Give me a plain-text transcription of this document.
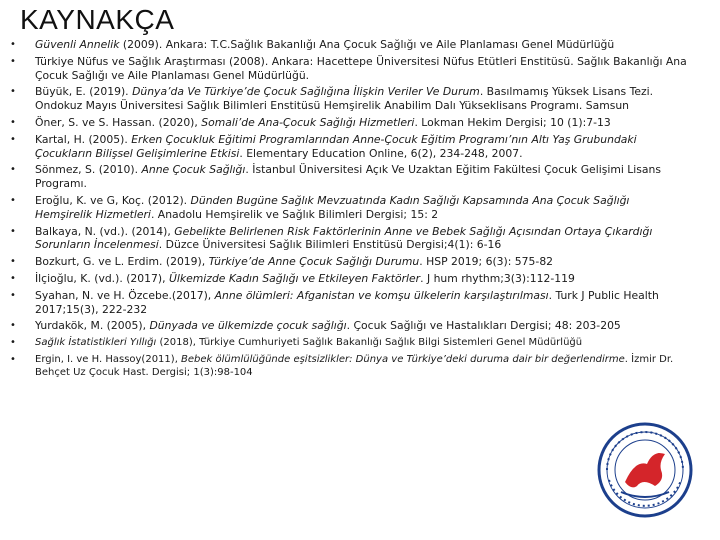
KAYNAKÇA
• Güvenli Annelik (2009). Ankara: T.C.Sağlık Bakanlığı Ana Çocuk Sağlığı ve Aile Planlaması Genel Müdürlüğü
• Türkiye Nüfus ve Sağlık Araştırması (2008). Ankara: Hacettepe Üniversitesi Nüfus Etütleri Enstitüsü. Sağlık Bakanlığı Ana Çocuk Sağlığı ve Aile Planlaması Genel Müdürlüğü.
• Büyük, E. (2019). Dünya’da Ve Türkiye’de Çocuk Sağlığına İlişkin Veriler Ve Durum. Basılmamış Yüksek Lisans Tezi. Ondokuz Mayıs Üniversitesi Sağlık Bilimleri Enstitüsü Hemşirelik Anabilim Dalı Yükseklisans Programı. Samsun
• Öner, S. ve S. Hassan. (2020), Somali’de Ana-Çocuk Sağlığı Hizmetleri. Lokman Hekim Dergisi; 10 (1):7-13
• Kartal, H. (2005). Erken Çocukluk Eğitimi Programlarından Anne-Çocuk Eğitim Programı’nın Altı Yaş Grubundaki Çocukların Bilişsel Gelişimlerine Etkisi. Elementary Education Online, 6(2), 234-248, 2007.
• Sönmez, S. (2010). Anne Çocuk Sağlığı. İstanbul Üniversitesi Açık Ve Uzaktan Eğitim Fakültesi Çocuk Gelişimi Lisans Programı.
• Eroğlu, K. ve G, Koç. (2012). Dünden Bugüne Sağlık Mevzuatında Kadın Sağlığı Kapsamında Ana Çocuk Sağlığı Hemşirelik Hizmetleri. Anadolu Hemşirelik ve Sağlık Bilimleri Dergisi; 15: 2
• Balkaya, N. (vd.). (2014), Gebelikte Belirlenen Risk Faktörlerinin Anne ve Bebek Sağlığı Açısından Ortaya Çıkardığı Sorunların İncelenmesi. Düzce Üniversitesi Sağlık Bilimleri Enstitüsü Dergisi;4(1): 6-16
• Bozkurt, G. ve L. Erdim. (2019), Türkiye’de Anne Çocuk Sağlığı Durumu. HSP 2019; 6(3): 575-82
• İlçioğlu, K. (vd.). (2017), Ülkemizde Kadın Sağlığı ve Etkileyen Faktörler. J hum rhythm;3(3):112-119
• Syahan, N. ve H. Özcebe.(2017), Anne ölümleri: Afganistan ve komşu ülkelerin karşılaştırılması. Turk J Public Health 2017;15(3), 222-232
• Yurdakök, M. (2005), Dünyada ve ülkemizde çocuk sağlığı. Çocuk Sağlığı ve Hastalıkları Dergisi; 48: 203-205
• Sağlık İstatistikleri Yıllığı (2018), Türkiye Cumhuriyeti Sağlık Bakanlığı Sağlık Bilgi Sistemleri Genel Müdürlüğü
• Ergin, I. ve H. Hassoy(2011), Bebek ölümlülüğünde eşitsizlikler: Dünya ve Türkiye’deki duruma dair bir değerlendirme. İzmir Dr. Behçet Uz Çocuk Hast. Dergisi; 1(3):98-104
